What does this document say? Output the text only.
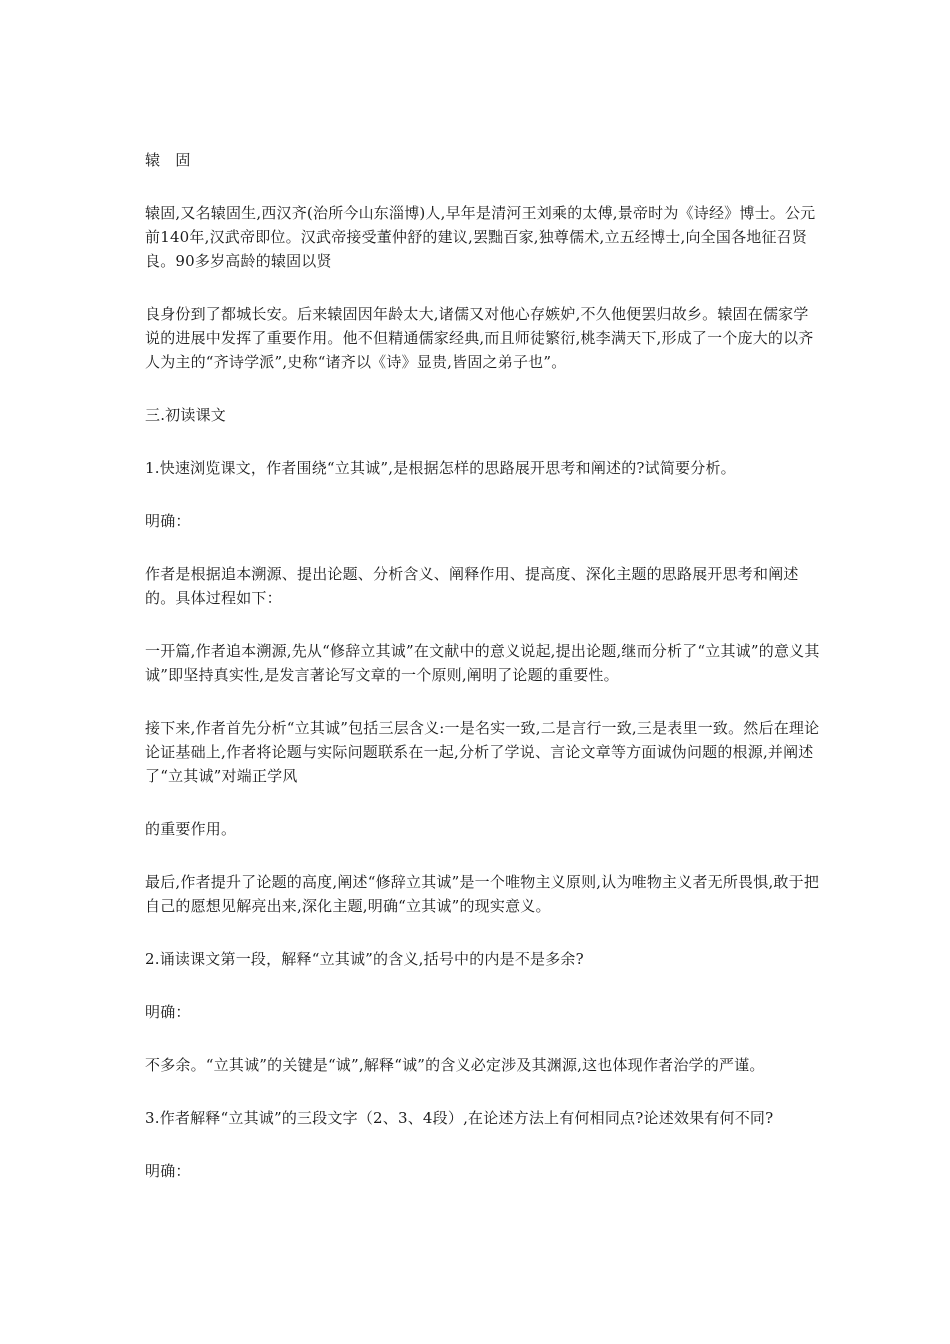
辕　固

辕固,又名辕固生,西汉齐(治所今山东淄博)人,早年是清河王刘乘的太傅,景帝时为《诗经》博士。公元前140年,汉武帝即位。汉武帝接受董仲舒的建议,罢黜百家,独尊儒术,立五经博士,向全国各地征召贤良。90多岁高龄的辕固以贤

良身份到了都城长安。后来辕固因年龄太大,诸儒又对他心存嫉妒,不久他便罢归故乡。辕固在儒家学说的进展中发挥了重要作用。他不但精通儒家经典,而且师徒繁衍,桃李满天下,形成了一个庞大的以齐人为主的“齐诗学派”,史称“诸齐以《诗》显贵,皆固之弟子也”。

三.初读课文

1.快速浏览课文，作者围绕“立其诚”,是根据怎样的思路展开思考和阐述的?试简要分析。

明确：

作者是根据追本溯源、提出论题、分析含义、阐释作用、提高度、深化主题的思路展开思考和阐述的。具体过程如下：

一开篇,作者追本溯源,先从“修辞立其诚”在文献中的意义说起,提出论题,继而分析了“立其诚”的意义其诚”即坚持真实性,是发言著论写文章的一个原则,阐明了论题的重要性。

接下来,作者首先分析“立其诚”包括三层含义:一是名实一致,二是言行一致,三是表里一致。然后在理论论证基础上,作者将论题与实际问题联系在一起,分析了学说、言论文章等方面诚伪问题的根源,并阐述了“立其诚”对端正学风

的重要作用。

最后,作者提升了论题的高度,阐述“修辞立其诚”是一个唯物主义原则,认为唯物主义者无所畏惧,敢于把自己的愿想见解亮出来,深化主题,明确“立其诚”的现实意义。

2.诵读课文第一段，解释“立其诚”的含义,括号中的内是不是多余?

明确：

不多余。“立其诚”的关键是“诚”,解释“诚”的含义必定涉及其渊源,这也体现作者治学的严谨。

3.作者解释“立其诚”的三段文字（2、3、4段）,在论述方法上有何相同点?论述效果有何不同?

明确：
